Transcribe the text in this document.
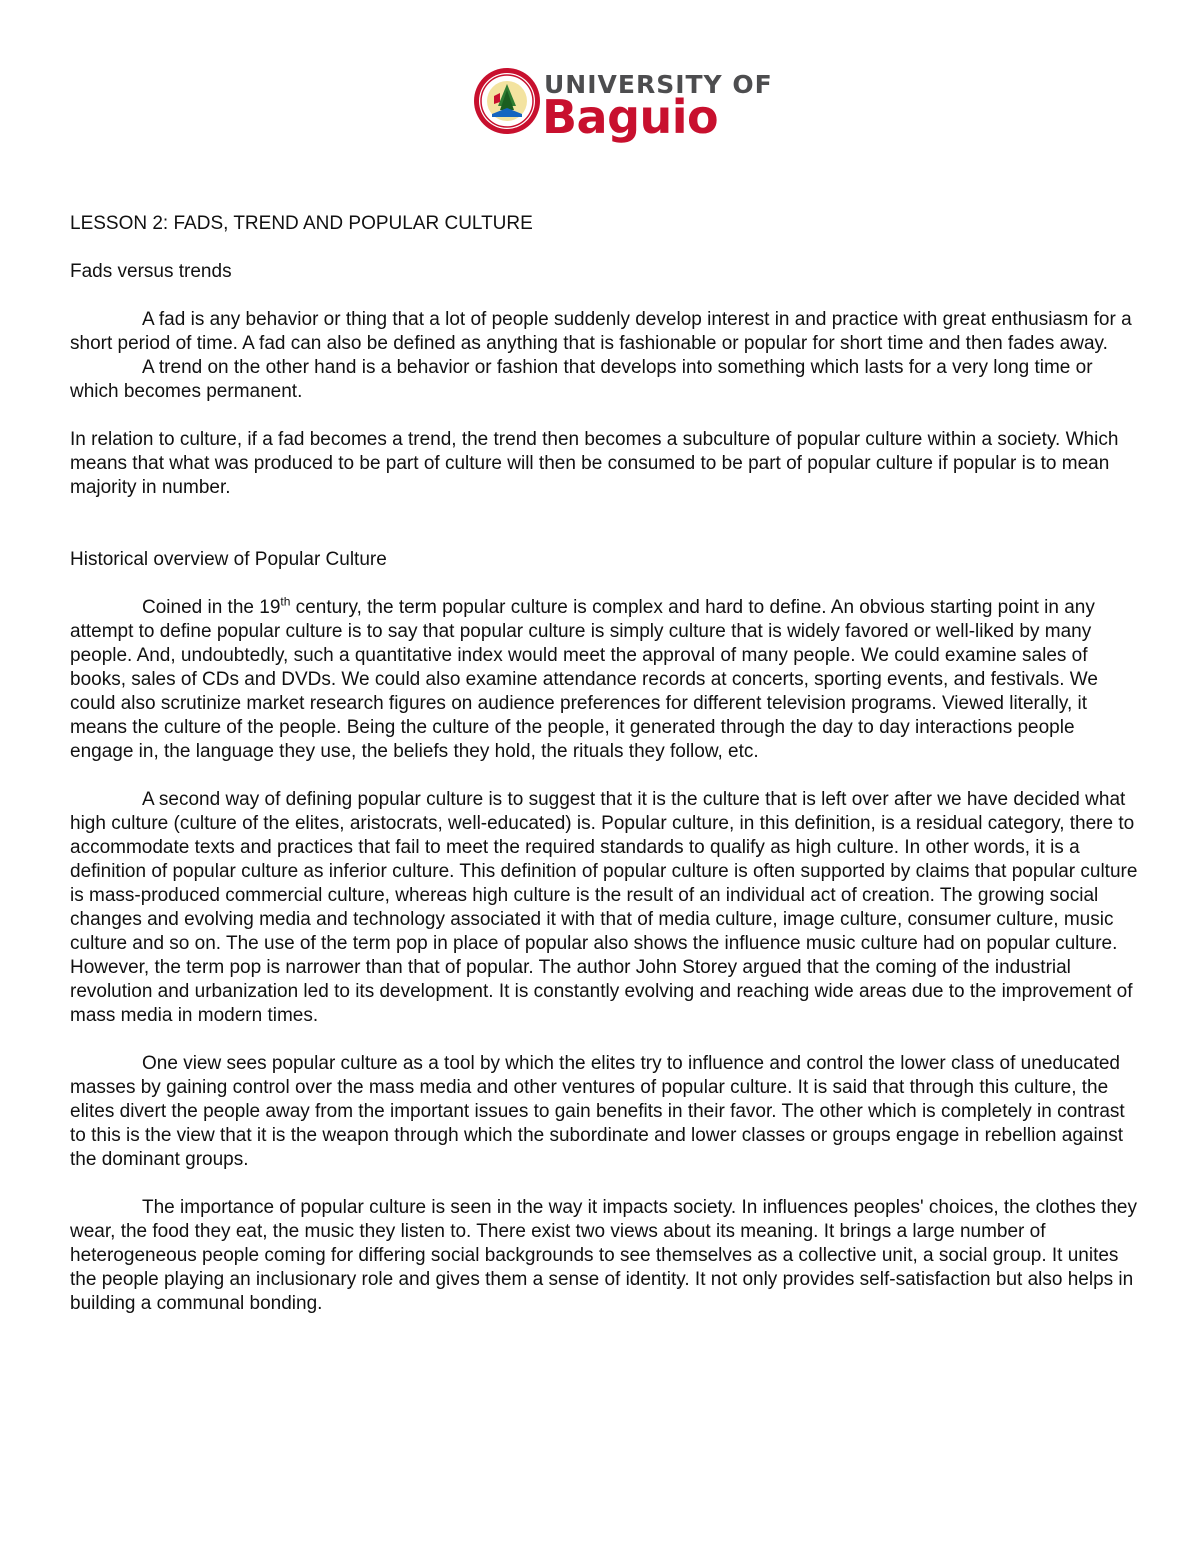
UNIVERSITY OF
Baguio

LESSON 2: FADS, TREND AND POPULAR CULTURE

Fads versus trends

A fad is any behavior or thing that a lot of people suddenly develop interest in and practice with great enthusiasm for a short period of time. A fad can also be defined as anything that is fashionable or popular for short time and then fades away.

A trend on the other hand is a behavior or fashion that develops into something which lasts for a very long time or which becomes permanent.

In relation to culture, if a fad becomes a trend, the trend then becomes a subculture of popular culture within a society. Which means that what was produced to be part of culture will then be consumed to be part of popular culture if popular is to mean majority in number.

Historical overview of Popular Culture

Coined in the 19th century, the term popular culture is complex and hard to define. An obvious starting point in any attempt to define popular culture is to say that popular culture is simply culture that is widely favored or well-liked by many people. And, undoubtedly, such a quantitative index would meet the approval of many people. We could examine sales of books, sales of CDs and DVDs. We could also examine attendance records at concerts, sporting events, and festivals. We could also scrutinize market research figures on audience preferences for different television programs. Viewed literally, it means the culture of the people. Being the culture of the people, it generated through the day to day interactions people engage in, the language they use, the beliefs they hold, the rituals they follow, etc.

A second way of defining popular culture is to suggest that it is the culture that is left over after we have decided what high culture (culture of the elites, aristocrats, well-educated) is. Popular culture, in this definition, is a residual category, there to accommodate texts and practices that fail to meet the required standards to qualify as high culture. In other words, it is a definition of popular culture as inferior culture. This definition of popular culture is often supported by claims that popular culture is mass-produced commercial culture, whereas high culture is the result of an individual act of creation. The growing social changes and evolving media and technology associated it with that of media culture, image culture, consumer culture, music culture and so on. The use of the term pop in place of popular also shows the influence music culture had on popular culture. However, the term pop is narrower than that of popular. The author John Storey argued that the coming of the industrial revolution and urbanization led to its development. It is constantly evolving and reaching wide areas due to the improvement of mass media in modern times.

One view sees popular culture as a tool by which the elites try to influence and control the lower class of uneducated masses by gaining control over the mass media and other ventures of popular culture. It is said that through this culture, the elites divert the people away from the important issues to gain benefits in their favor. The other which is completely in contrast to this is the view that it is the weapon through which the subordinate and lower classes or groups engage in rebellion against the dominant groups.

The importance of popular culture is seen in the way it impacts society. In influences peoples' choices, the clothes they wear, the food they eat, the music they listen to. There exist two views about its meaning. It brings a large number of heterogeneous people coming for differing social backgrounds to see themselves as a collective unit, a social group. It unites the people playing an inclusionary role and gives them a sense of identity. It not only provides self-satisfaction but also helps in building a communal bonding.
